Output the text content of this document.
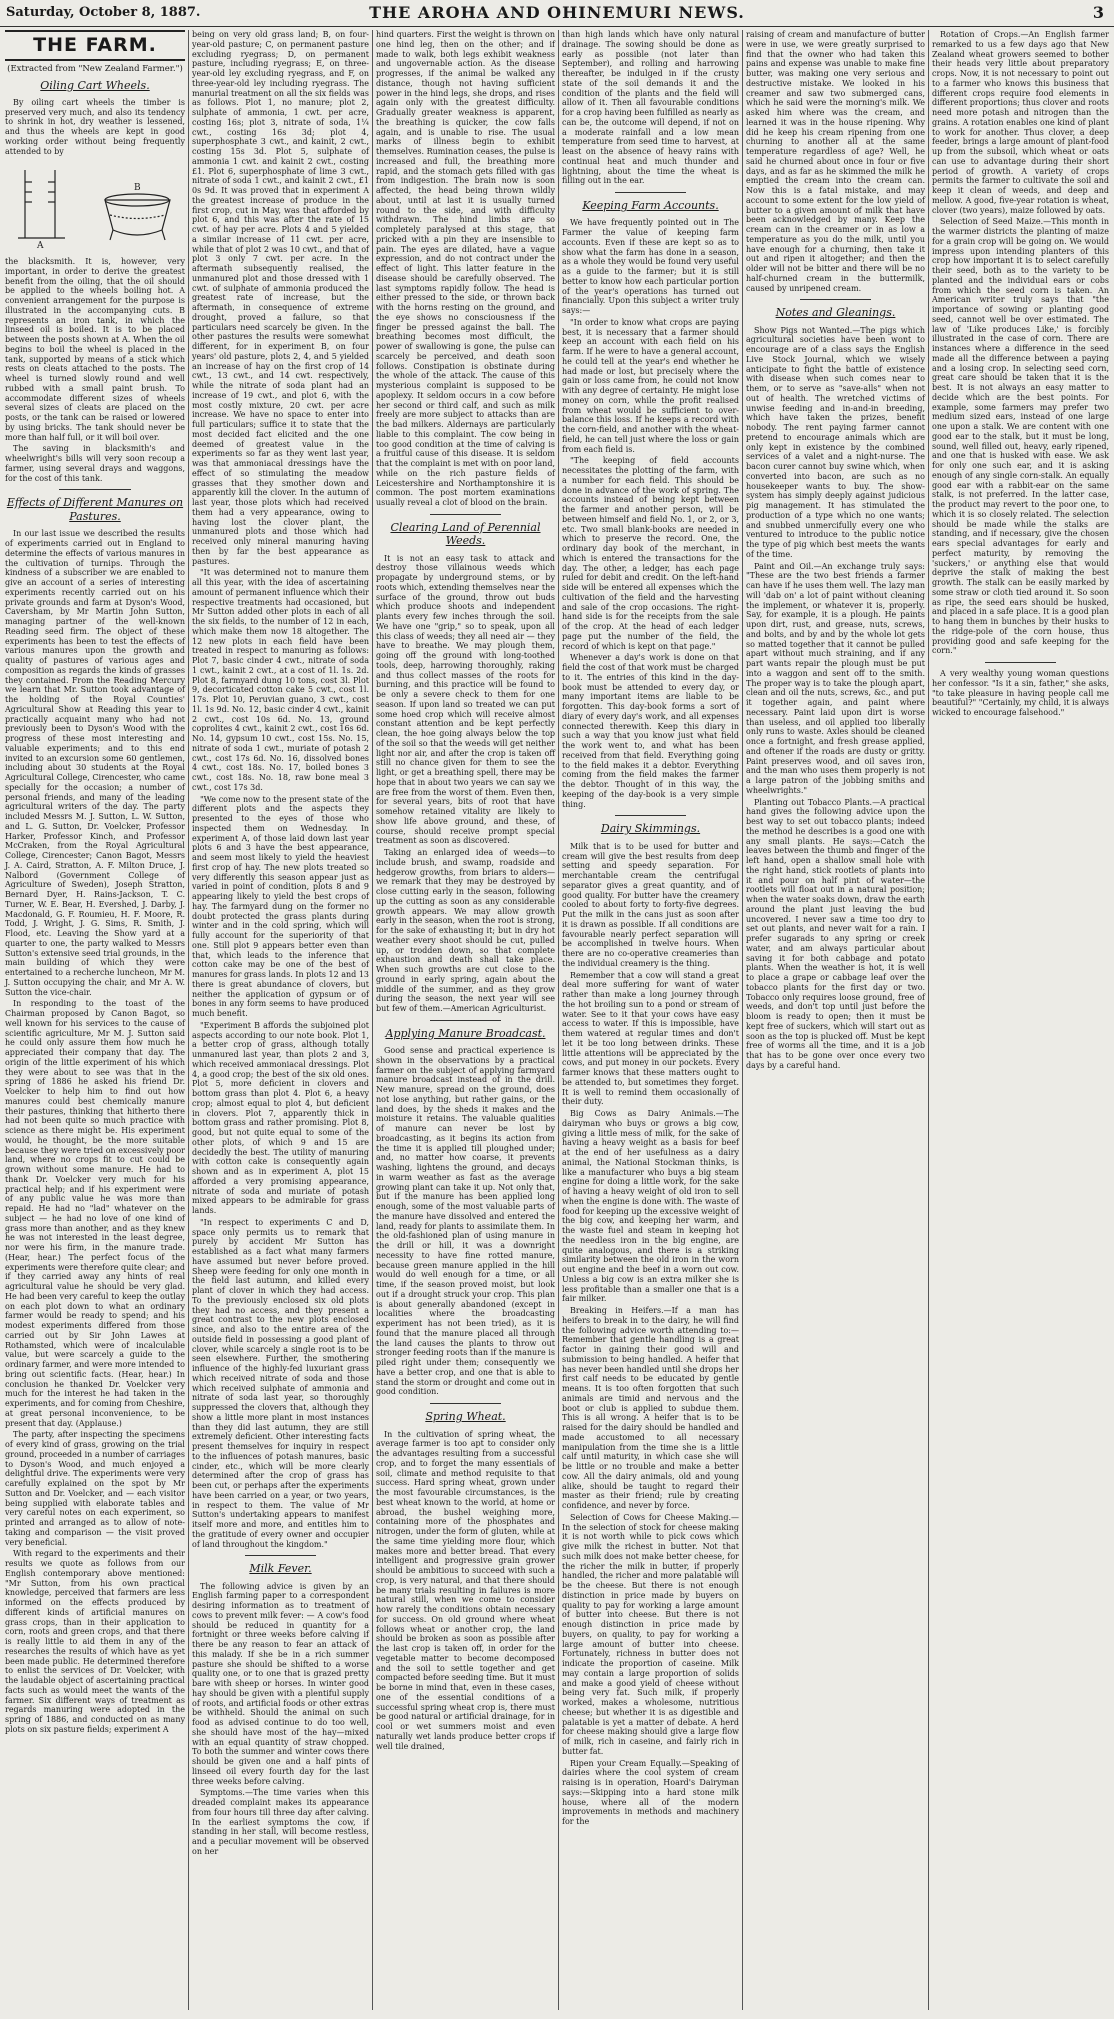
Saturday, October 8, 1887.	THE AROHA AND OHINEMURI NEWS.	3
THE FARM.
(Extracted from "New Zealand Farmer.")
Oiling Cart Wheels.

By oiling cart wheels the timber is preserved very much, and also its tendency to shrink in hot, dry weather is lessened, and thus the wheels are kept in good working order without being frequently attended to by

A
B

the blacksmith. It is, however, very important, in order to derive the greatest benefit from the oiling, that the oil should be applied to the wheels boiling hot. A convenient arrangement for the purpose is illustrated in the accompanying cuts. B represents an iron tank, in which the linseed oil is boiled. It is to be placed between the posts shown at A. When the oil begins to boil the wheel is placed in the tank, supported by means of a stick which rests on cleats attached to the posts. The wheel is turned slowly round and well rubbed with a small paint brush. To accommodate different sizes of wheels several sizes of cleats are placed on the posts, or the tank can be raised or lowered by using bricks. The tank should never be more than half full, or it will boil over.

The saving in blacksmith's and wheelwright's bills will very soon recoup a farmer, using several drays and waggons, for the cost of this tank.

Effects of Different Manures on Pastures.

In our last issue we described the results of experiments carried out in England to determine the effects of various manures in the cultivation of turnips. Through the kindness of a subscriber we are enabled to give an account of a series of interesting experiments recently carried out on his private grounds and farm at Dyson's Wood, Caversham, by Mr Martin John Sutton, managing partner of the well-known Reading seed firm. The object of these experiments has been to test the effects of various manures upon the growth and quality of pastures of various ages and composition as regards the kinds of grasses they contained. From the Reading Mercury we learn that Mr. Sutton took advantage of the holding of the Royal Counties' Agricultural Show at Reading this year to practically acquaint many who had not previously been to Dyson's Wood with the progress of these most interesting and valuable experiments; and to this end invited to an excursion some 60 gentlemen, including about 30 students at the Royal Agricultural College, Cirencester, who came specially for the occasion; a number of personal friends, and many of the leading agricultural writers of the day. The party included Messrs M. J. Sutton, L. W. Sutton, and L. G. Sutton, Dr. Voelcker, Professor Harker, Professor Kinch, and Professor McCraken, from the Royal Agricultural College, Cirencester; Canon Bagot, Messrs J. A. Caird, Stratton, A. F. Milton Druce, J. Nalbord (Government College of Agriculture of Sweden), Joseph Stratton, Bernard Dyer, H. Rains-Jackson, T. C. Turner, W. E. Bear, H. Evershed, J. Darby, J. Macdonald, G. F. Roumieu, H. F. Moore, R. Todd, J. Wright, J. G. Sims, R. Smith, J. Flood, etc. Leaving the Show yard at a quarter to one, the party walked to Messrs Sutton's extensive seed trial grounds, in the main building of which they were entertained to a recherche luncheon, Mr M. J. Sutton occupying the chair, and Mr A. W. Sutton the vice-chair.

In responding to the toast of the Chairman proposed by Canon Bagot, so well known for his services to the cause of scientific agriculture, Mr M. J. Sutton said he could only assure them how much he appreciated their company that day. The origin of the little experiment of his which they were about to see was that in the spring of 1886 he asked his friend Dr. Voelcker to help him to find out how manures could best chemically manure their pastures, thinking that hitherto there had not been quite so much practice with science as there might be. His experiment would, he thought, be the more suitable because they were tried on excessively poor land, where no crops fit to cut could be grown without some manure. He had to thank Dr. Voelcker very much for his practical help; and if his experiment were of any public value he was more than repaid. He had no "lad" whatever on the subject — he had no love of one kind of grass more than another, and as they knew he was not interested in the least degree, nor were his firm, in the manure trade. (Hear, hear.) The perfect focus of the experiments were therefore quite clear; and if they carried away any hints of real agricultural value he should be very glad. He had been very careful to keep the outlay on each plot down to what an ordinary farmer would be ready to spend; and his modest experiments differed from those carried out by Sir John Lawes at Rothamsted, which were of incalculable value, but were scarcely a guide to the ordinary farmer, and were more intended to bring out scientific facts. (Hear, hear.) In conclusion he thanked Dr. Voelcker very much for the interest he had taken in the experiments, and for coming from Cheshire, at great personal inconvenience, to be present that day. (Applause.)

The party, after inspecting the specimens of every kind of grass, growing on the trial ground, proceeded in a number of carriages to Dyson's Wood, and much enjoyed a delightful drive. The experiments were very carefully explained on the spot by Mr Sutton and Dr. Voelcker, and — each visitor being supplied with elaborate tables and very careful notes on each experiment, so printed and arranged as to allow of note-taking and comparison — the visit proved very beneficial.

With regard to the experiments and their results we quote as follows from our English contemporary above mentioned: "Mr Sutton, from his own practical knowledge, perceived that farmers are less informed on the effects produced by different kinds of artificial manures on grass crops, than in their application to corn, roots and green crops, and that there is really little to aid them in any of the researches the results of which have as yet been made public. He determined therefore to enlist the services of Dr. Voelcker, with the laudable object of ascertaining practical facts such as would meet the wants of the farmer. Six different ways of treatment as regards manuring were adopted in the spring of 1886, and conducted on as many plots on six pasture fields; experiment A

being on very old grass land; B, on four-year-old pasture; C, on permanent pasture excluding ryegrass; D, on permanent pasture, including ryegrass; E, on three-year-old ley excluding ryegrass, and F, on three-year-old ley including ryegrass. The manurial treatment on all the six fields was as follows. Plot 1, no manure; plot 2, sulphate of ammonia, 1 cwt. per acre, costing 16s; plot 3, nitrate of soda, 1¼ cwt., costing 16s 3d; plot 4, superphosphate 3 cwt., and kainit, 2 cwt., costing 15s 3d. Plot 5, sulphate of ammonia 1 cwt. and kainit 2 cwt., costing £1. Plot 6, superphosphate of lime 3 cwt., nitrate of soda 1 cwt., and kainit 2 cwt., £1 0s 9d. It was proved that in experiment A the greatest increase of produce in the first crop, cut in May, was that afforded by plot 6, and this was after the rate of 15 cwt. of hay per acre. Plots 4 and 5 yielded a similar increase of 11 cwt. per acre, while that of plot 2 was 10 cwt., and that of plot 3 only 7 cwt. per acre. In the aftermath subsequently realised, the unmanured plot and those dressed with 1 cwt. of sulphate of ammonia produced the greatest rate of increase, but the aftermath, in consequence of extreme drought, proved a failure, so that particulars need scarcely be given. In the other pastures the results were somewhat different, for in experiment B, on four years' old pasture, plots 2, 4, and 5 yielded an increase of hay on the first crop of 14 cwt., 13 cwt., and 14 cwt. respectively, while the nitrate of soda plant had an increase of 19 cwt., and plot 6, with the most costly mixture, 20 cwt. per acre increase. We have no space to enter into full particulars; suffice it to state that the most decided fact elicited and the one deemed of greatest value in the experiments so far as they went last year, was that ammoniacal dressings have the effect of so stimulating the meadow grasses that they smother down and apparently kill the clover. In the autumn of last year, those plots which had received them had a very appearance, owing to having lost the clover plant, the unmanured plots and those which had received only mineral manuring having then by far the best appearance as pastures.

"It was determined not to manure them all this year, with the idea of ascertaining amount of permanent influence which their respective treatments had occasioned, but Mr Sutton added other plots in each of all the six fields, to the number of 12 in each, which make them now 18 altogether. The 12 new plots in each field have been treated in respect to manuring as follows: Plot 7, basic cinder 4 cwt., nitrate of soda 1 cwt., kainit 2 cwt., at a cost of 1l. 1s. 2d. Plot 8, farmyard dung 10 tons, cost 3l. Plot 9, decorticated cotton cake 5 cwt., cost 1l. 17s. Plot 10, Peruvian guano, 3 cwt., cost 1l. 1s 9d. No. 12, basic cinder 4 cwt., kainit 2 cwt., cost 10s 6d. No. 13, ground coprolites 4 cwt., kainit 2 cwt., cost 16s 6d. No. 14, gypsum 10 cwt., cost 15s. No. 15, nitrate of soda 1 cwt., muriate of potash 2 cwt., cost 17s 6d. No. 16, dissolved bones 4 cwt., cost 18s. No. 17, boiled bones 3 cwt., cost 18s. No. 18, raw bone meal 3 cwt., cost 17s 3d.

"We come now to the present state of the different plots and the aspects they presented to the eyes of those who inspected them on Wednesday. In experiment A, of those laid down last year plots 6 and 3 have the best appearance, and seem most likely to yield the heaviest first crop of hay. The new plots treated so very differently this season appear just as varied in point of condition, plots 8 and 9 appearing likely to yield the best crops of hay. The farmyard dung on the former no doubt protected the grass plants during winter and in the cold spring, which will fully account for the superiority of that one. Still plot 9 appears better even than that, which leads to the inference that cotton cake may be one of the best of manures for grass lands. In plots 12 and 13 there is great abundance of clovers, but neither the application of gypsum or of bones in any form seems to have produced much benefit.

"Experiment B affords the subjoined plot aspects according to our note book. Plot 1, a better crop of grass, although totally unmanured last year, than plots 2 and 3, which received ammoniacal dressings. Plot 4, a good crop; the best of the six old ones. Plot 5, more deficient in clovers and bottom grass than plot 4. Plot 6, a heavy crop; almost equal to plot 4, but deficient in clovers. Plot 7, apparently thick in bottom grass and rather promising. Plot 8, good, but not quite equal to some of the other plots, of which 9 and 15 are decidedly the best. The utility of manuring with cotton cake is consequently again shown and as in experiment A, plot 15 afforded a very promising appearance, nitrate of soda and muriate of potash mixed appears to be admirable for grass lands.

"In respect to experiments C and D, space only permits us to remark that purely by accident Mr Sutton has established as a fact what many farmers have assumed but never before proved. Sheep were feeding for only one month in the field last autumn, and killed every plant of clover in which they had access. To the previously enclosed six old plots they had no access, and they present a great contrast to the new plots enclosed since, and also to the entire area of the outside field in possessing a good plant of clover, while scarcely a single root is to be seen elsewhere. Further, the smothering influence of the highly-fed luxuriant grass which received nitrate of soda and those which received sulphate of ammonia and nitrate of soda last year, so thoroughly suppressed the clovers that, although they show a little more plant in most instances than they did last autumn, they are still extremely deficient. Other interesting facts present themselves for inquiry in respect to the influences of potash manures, basic cinder, etc., which will be more clearly determined after the crop of grass has been cut, or perhaps after the experiments have been carried on a year, or two years, in respect to them. The value of Mr Sutton's undertaking appears to manifest itself more and more, and entitles him to the gratitude of every owner and occupier of land throughout the kingdom."

Milk Fever.

The following advice is given by an English farming paper to a correspondent desiring information as to treatment of cows to prevent milk fever: — A cow's food should be reduced in quantity for a fortnight or three weeks before calving if there be any reason to fear an attack of this malady. If she be in a rich summer pasture she should be shifted to a worse quality one, or to one that is grazed pretty bare with sheep or horses. In winter good hay should be given with a plentiful supply of roots, and artificial foods or other extras be withheld. Should the animal on such food as advised continue to do too well, she should have most of the hay—mixed with an equal quantity of straw chopped. To both the summer and winter cows there should be given one and a half pints of linseed oil every fourth day for the last three weeks before calving.

Symptoms.—The time varies when this dreaded complaint makes its appearance from four hours till three day after calving. In the earliest symptoms the cow, if standing in her stall, will become restless, and a peculiar movement will be observed on her

hind quarters. First the weight is thrown on one hind leg, then on the other; and if made to walk, both legs exhibit weakness and ungovernable action. As the disease progresses, if the animal be walked any distance, though not having sufficient power in the hind legs, she drops, and rises again only with the greatest difficulty. Gradually greater weakness is apparent, the breathing is quicker, the cow falls again, and is unable to rise. The usual marks of illness begin to exhibit themselves. Rumination ceases, the pulse is increased and full, the breathing more rapid, and the stomach gets filled with gas from indigestion. The brain now is soon affected, the head being thrown wildly about, until at last it is usually turned round to the side, and with difficulty withdrawn. The hind limbs are so completely paralysed at this stage, that pricked with a pin they are insensible to pain. The eyes are dilated, have a vague expression, and do not contract under the effect of light. This latter feature in the disease should be carefully observed. The last symptoms rapidly follow. The head is either pressed to the side, or thrown back with the horns resting on the ground, and the eye shows no consciousness if the finger be pressed against the ball. The breathing becomes most difficult, the power of swallowing is gone, the pulse can scarcely be perceived, and death soon follows. Constipation is obstinate during the whole of the attack. The cause of this mysterious complaint is supposed to be apoplexy. It seldom occurs in a cow before her second or third calf, and such as milk freely are more subject to attacks than are the bad milkers. Aldernays are particularly liable to this complaint. The cow being in too good condition at the time of calving is a fruitful cause of this disease. It is seldom that the complaint is met with on poor land, while on the rich pasture fields of Leicestershire and Northamptonshire it is common. The post mortem examinations usually reveal a clot of blood on the brain.

Clearing Land of Perennial Weeds.

It is not an easy task to attack and destroy those villainous weeds which propagate by underground stems, or by roots which, extending themselves near the surface of the ground, throw out buds which produce shoots and independent plants every few inches through the soil. We have one "grip," so to speak, upon all this class of weeds; they all need air — they have to breathe. We may plough them, going off the ground with long-toothed tools, deep, harrowing thoroughly, raking and thus collect masses of the roots for burning, and this practice will be found to be only a severe check to them for one season. If upon land so treated we can put some hoed crop which will receive almost constant attention and be kept perfectly clean, the hoe going always below the top of the soil so that the weeds will get neither light nor air, and after the crop is taken off still no chance given for them to see the light, or get a breathing spell, there may be hope that in about two years we can say we are free from the worst of them. Even then, for several years, bits of root that have somehow retained vitality are likely to show life above ground, and these, of course, should receive prompt special treatment as soon as discovered.

Taking an enlarged idea of weeds—to include brush, and swamp, roadside and hedgerow growths, from briars to alders—we remark that they may be destroyed by close cutting early in the season, following up the cutting as soon as any considerable growth appears. We may allow growth early in the season, when the root is strong, for the sake of exhausting it; but in dry hot weather every shoot should be cut, pulled up, or trodden down, so that complete exhaustion and death shall take place. When such growths are cut close to the ground in early spring, again about the middle of the summer, and as they grow during the season, the next year will see but few of them.—American Agriculturist.

Applying Manure Broadcast.

Good sense and practical experience is shown in the observations by a practical farmer on the subject of applying farmyard manure broadcast instead of in the drill. New manure, spread on the ground, does not lose anything, but rather gains, or the land does, by the sheds it makes and the moisture it retains. The valuable qualities of manure can never be lost by broadcasting, as it begins its action from the time it is applied till ploughed under; and, no matter how coarse, it prevents washing, lightens the ground, and decays in warm weather as fast as the average growing plant can take it up. Not only that, but if the manure has been applied long enough, some of the most valuable parts of the manure have dissolved and entered the land, ready for plants to assimilate them. In the old-fashioned plan of using manure in the drill or hill, it was a downright necessity to have fine rotted manure, because green manure applied in the hill would do well enough for a time, or all time, if the season proved moist, but look out if a drought struck your crop. This plan is about generally abandoned (except in localities where the broadcasting experiment has not been tried), as it is found that the manure placed all through the land causes the plants to throw out stronger feeding roots than if the manure is piled right under them; consequently we have a better crop, and one that is able to stand the storm or drought and come out in good condition.

Spring Wheat.

In the cultivation of spring wheat, the average farmer is too apt to consider only the advantages resulting from a successful crop, and to forget the many essentials of soil, climate and method requisite to that success. Hard spring wheat, grown under the most favourable circumstances, is the best wheat known to the world, at home or abroad, the bushel weighing more, containing more of the phosphates and nitrogen, under the form of gluten, while at the same time yielding more flour, which makes more and better bread. That every intelligent and progressive grain grower should be ambitious to succeed with such a crop, is very natural, and that there should be many trials resulting in failures is more natural still, when we come to consider how rarely the conditions obtain necessary for success. On old ground where wheat follows wheat or another crop, the land should be broken as soon as possible after the last crop is taken off, in order for the vegetable matter to become decomposed and the soil to settle together and get compacted before seeding time. But it must be borne in mind that, even in these cases, one of the essential conditions of a successful spring wheat crop is, there must be good natural or artificial drainage, for in cool or wet summers moist and even naturally wet lands produce better crops if well tile drained,

than high lands which have only natural drainage. The sowing should be done as early as possible (not later than September), and rolling and harrowing thereafter, be indulged in if the crusty state of the soil demands it and the condition of the plants and the field will allow of it. Then all favourable conditions for a crop having been fulfilled as nearly as can be, the outcome will depend, if not on a moderate rainfall and a low mean temperature from seed time to harvest, at least on the absence of heavy rains with continual heat and much thunder and lightning, about the time the wheat is filling out in the ear.

Keeping Farm Accounts.

We have frequently pointed out in The Farmer the value of keeping farm accounts. Even if these are kept so as to show what the farm has done in a season, as a whole they would be found very useful as a guide to the farmer; but it is still better to know how each particular portion of the year's operations has turned out financially. Upon this subject a writer truly says:—

"In order to know what crops are paying best, it is necessary that a farmer should keep an account with each field on his farm. If he were to have a general account, he could tell at the year's end whether he had made or lost, but precisely where the gain or loss came from, he could not know with any degree of certainty. He might lose money on corn, while the profit realised from wheat would be sufficient to over-balance this loss. If he keeps a record with the corn-field, and another with the wheat-field, he can tell just where the loss or gain from each field is.

"The keeping of field accounts necessitates the plotting of the farm, with a number for each field. This should be done in advance of the work of spring. The accounts instead of being kept between the farmer and another person, will be between himself and field No. 1, or 2, or 3, etc. Two small blank-books are needed in which to preserve the record. One, the ordinary day book of the merchant, in which is entered the transactions for the day. The other, a ledger, has each page ruled for debit and credit. On the left-hand side will be entered all expenses which the cultivation of the field and the harvesting and sale of the crop occasions. The right-hand side is for the receipts from the sale of the crop. At the head of each ledger page put the number of the field, the record of which is kept on that page."

Whenever a day's work is done on that field the cost of that work must be charged to it. The entries of this kind in the day-book must be attended to every day, or many important items are liable to be forgotten. This day-book forms a sort of diary of every day's work, and all expenses connected therewith. Keep this diary in such a way that you know just what field the work went to, and what has been received from that field. Everything going to the field makes it a debtor. Everything coming from the field makes the farmer the debtor. Thought of in this way, the keeping of the day-book is a very simple thing.

Dairy Skimmings.

Milk that is to be used for butter and cream will give the best results from deep setting and speedy separation. For merchantable cream the centrifugal separator gives a great quantity, and of good quality. For butter have the creamery cooled to about forty to forty-five degrees. Put the milk in the cans just as soon after it is drawn as possible. If all conditions are favourable nearly perfect separation will be accomplished in twelve hours. When there are no co-operative creameries than the individual creamery is the thing.

Remember that a cow will stand a great deal more suffering for want of water rather than make a long journey through the hot broiling sun to a pond or stream of water. See to it that your cows have easy access to water. If this is impossible, have them watered at regular times and don't let it be too long between drinks. These little attentions will be appreciated by the cows, and put money in our pockets. Every farmer knows that these matters ought to be attended to, but sometimes they forget. It is well to remind them occasionally of their duty.

Big Cows as Dairy Animals.—The dairyman who buys or grows a big cow, giving a little mess of milk, for the sake of having a heavy weight as a basis for beef at the end of her usefulness as a dairy animal, the National Stockman thinks, is like a manufacturer who buys a big steam engine for doing a little work, for the sake of having a heavy weight of old iron to sell when the engine is done with. The waste of food for keeping up the excessive weight of the big cow, and keeping her warm, and the waste fuel and steam in keeping hot the needless iron in the big engine, are quite analogous, and there is a striking similarity between the old iron in the worn out engine and the beef in a worn out cow. Unless a big cow is an extra milker she is less profitable than a smaller one that is a fair milker.

Breaking in Heifers.—If a man has heifers to break in to the dairy, he will find the following advice worth attending to:—Remember that gentle handling is a great factor in gaining their good will and submission to being handled. A heifer that has never been handled until she drops her first calf needs to be educated by gentle means. It is too often forgotten that such animals are timid and nervous and the boot or club is applied to subdue them. This is all wrong. A heifer that is to be raised for the dairy should be handled and made accustomed to all necessary manipulation from the time she is a little calf until maturity, in which case she will be little or no trouble and make a better cow. All the dairy animals, old and young alike, should be taught to regard their master as their friend; rule by creating confidence, and never by force.

Selection of Cows for Cheese Making.—In the selection of stock for cheese making it is not worth while to pick cows which give milk the richest in butter. Not that such milk does not make better cheese, for the richer the milk in butter, if properly handled, the richer and more palatable will be the cheese. But there is not enough distinction in price made by buyers on quality to pay for working a large amount of butter into cheese. But there is not enough distinction in price made by buyers, on quality, to pay for working a large amount of butter into cheese. Fortunately, richness in butter does not indicate the proportion of caseine. Milk may contain a large proportion of solids and make a good yield of cheese without being very fat. Such milk, if properly worked, makes a wholesome, nutritious cheese; but whether it is as digestible and palatable is yet a matter of debate. A herd for cheese making should give a large flow of milk, rich in caseine, and fairly rich in butter fat.

Ripen your Cream Equally.—Speaking of dairies where the cool system of cream raising is in operation, Hoard's Dairyman says:—Skipping into a hard stone milk house, where all of the modern improvements in methods and machinery for the

raising of cream and manufacture of butter were in use, we were greatly surprised to find that the owner who had taken this pains and expense was unable to make fine butter, was making one very serious and destructive mistake. We looked in his creamer and saw two submerged cans, which he said were the morning's milk. We asked him where was the cream, and learned it was in the house ripening. Why did he keep his cream ripening from one churning to another all at the same temperature regardless of age? Well, he said he churned about once in four or five days, and as far as he skimmed the milk he emptied the cream into the cream can. Now this is a fatal mistake, and may account to some extent for the low yield of butter to a given amount of milk that have been acknowledged by many. Keep the cream can in the creamer or in as low a temperature as you do the milk, until you have enough for a churning, then take it out and ripen it altogether; and then the older will not be bitter and there will be no half-churned cream in the buttermilk, caused by unripened cream.

Notes and Gleanings.

Show Pigs not Wanted.—The pigs which agricultural societies have been wont to encourage are of a class says the English Live Stock Journal, which we wisely anticipate to fight the battle of existence with disease when such comes near to them, or to serve as "save-alls" when not out of health. The wretched victims of unwise feeding and in-and-in breeding, which have taken the prizes, benefit nobody. The rent paying farmer cannot pretend to encourage animals which are only kept in existence by the combined services of a valet and a night-nurse. The bacon curer cannot buy swine which, when converted into bacon, are such as no housekeeper wants to buy. The show-system has simply deeply against judicious pig management. It has stimulated the production of a type which no one wants; and snubbed unmercifully every one who ventured to introduce to the public notice the type of pig which best meets the wants of the time.

Paint and Oil.—An exchange truly says: "These are the two best friends a farmer can have if he uses them well. The lazy man will 'dab on' a lot of paint without cleaning the implement, or whatever it is, properly. Say, for example, it is a plough. He paints upon dirt, rust, and grease, nuts, screws, and bolts, and by and by the whole lot gets so matted together that it cannot be pulled apart without much straining, and if any part wants repair the plough must be put into a waggon and sent off to the smith. The proper way is to take the plough apart, clean and oil the nuts, screws, &c., and put it together again, and paint where necessary. Paint laid upon dirt is worse than useless, and oil applied too liberally only runs to waste. Axles should be cleaned once a fortnight, and fresh grease applied, and oftener if the roads are dusty or gritty. Paint preserves wood, and oil saves iron, and the man who uses them properly is not a large patron of the jobbing smiths and wheelwrights."

Planting out Tobacco Plants.—A practical hand gives the following advice upon the best way to set out tobacco plants; indeed the method he describes is a good one with any small plants. He says:—Catch the leaves between the thumb and finger of the left hand, open a shallow small hole with the right hand, stick rootlets of plants into it and pour on half pint of water—the rootlets will float out in a natural position; when the water soaks down, draw the earth around the plant just leaving the bud uncovered. I never saw a time too dry to set out plants, and never wait for a rain. I prefer sugarads to any spring or creek water, and am always particular about saving it for both cabbage and potato plants. When the weather is hot, it is well to place a grape or cabbage leaf over the tobacco plants for the first day or two. Tobacco only requires loose ground, free of weeds, and don't top until just before the bloom is ready to open; then it must be kept free of suckers, which will start out as soon as the top is plucked off. Must be kept free of worms all the time, and it is a job that has to be gone over once every two days by a careful hand.

Rotation of Crops.—An English farmer remarked to us a few days ago that New Zealand wheat growers seemed to bother their heads very little about preparatory crops. Now, it is not necessary to point out to a farmer who knows this business that different crops require food elements in different proportions; thus clover and roots need more potash and nitrogen than the grains. A rotation enables one kind of plant to work for another. Thus clover, a deep feeder, brings a large amount of plant-food up from the subsoil, which wheat or oats can use to advantage during their short period of growth. A variety of crops permits the farmer to cultivate the soil and keep it clean of weeds, and deep and mellow. A good, five-year rotation is wheat, clover (two years), maize followed by oats.

Selection of Seed Maize.—This month in the warmer districts the planting of maize for a grain crop will be going on. We would impress upon intending planters of this crop how important it is to select carefully their seed, both as to the variety to be planted and the individual ears or cobs from which the seed corn is taken. An American writer truly says that "the importance of sowing or planting good seed, cannot well be over estimated. The law of 'Like produces Like,' is forcibly illustrated in the case of corn. There are instances where a difference in the seed made all the difference between a paying and a losing crop. In selecting seed corn, great care should be taken that it is the best. It is not always an easy matter to decide which are the best points. For example, some farmers may prefer two medium sized ears, instead of one large one upon a stalk. We are content with one good ear to the stalk, but it must be long, sound, well filled out, heavy, early ripened, and one that is husked with ease. We ask for only one such ear, and it is asking enough of any single corn-stalk. An equally good ear with a rabbit-ear on the same stalk, is not preferred. In the latter case, the product may revert to the poor one, to which it is so closely related. The selection should be made while the stalks are standing, and if necessary, give the chosen ears special advantages for early and perfect maturity, by removing the 'suckers,' or anything else that would deprive the stalk of making the best growth. The stalk can be easily marked by some straw or cloth tied around it. So soon as ripe, the seed ears should be husked, and placed in a safe place. It is a good plan to hang them in bunches by their husks to the ridge-pole of the corn house, thus providing good and safe keeping for the corn."

A very wealthy young woman questions her confessor. "Is it a sin, father," she asks, "to take pleasure in having people call me beautiful?" "Certainly, my child, it is always wicked to encourage falsehood."
